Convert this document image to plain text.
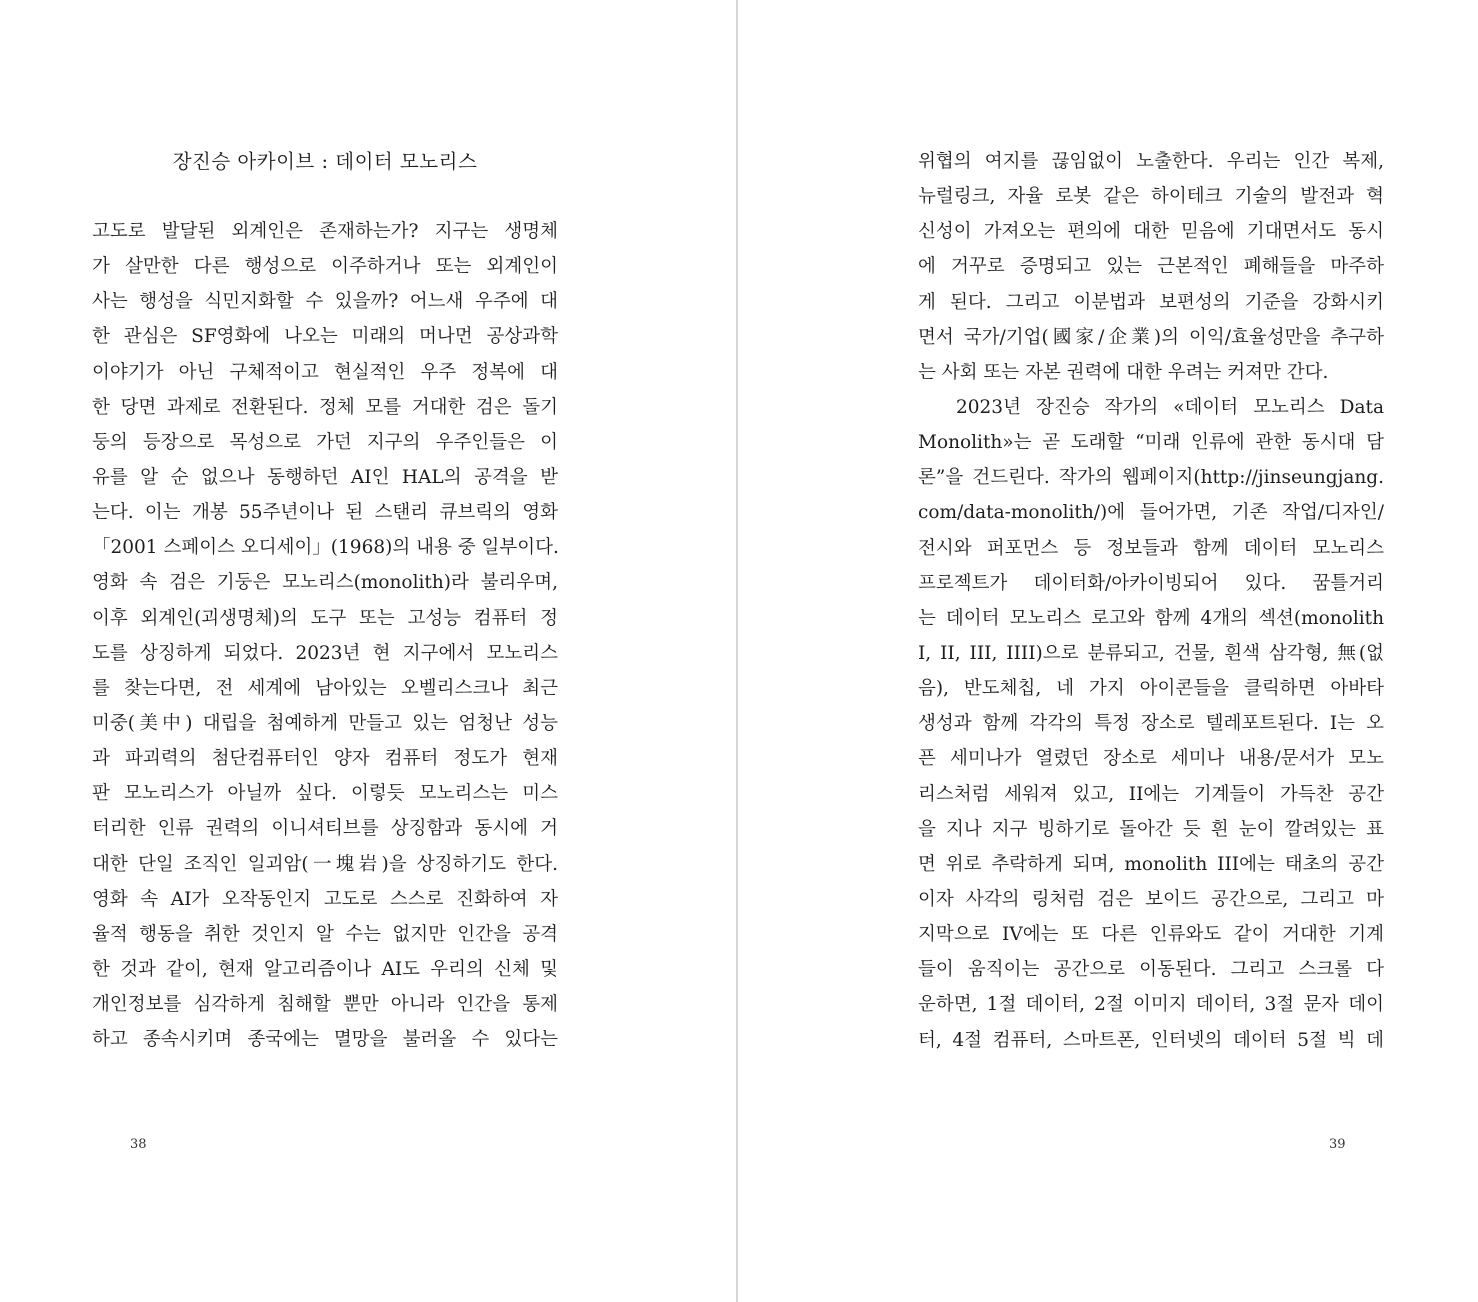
장진승 아카이브 : 데이터 모노리스
고도로 발달된 외계인은 존재하는가? 지구는 생명체
가 살만한 다른 행성으로 이주하거나 또는 외계인이
사는 행성을 식민지화할 수 있을까? 어느새 우주에 대
한 관심은 SF영화에 나오는 미래의 머나먼 공상과학
이야기가 아닌 구체적이고 현실적인 우주 정복에 대
한 당면 과제로 전환된다. 정체 모를 거대한 검은 돌기
둥의 등장으로 목성으로 가던 지구의 우주인들은 이
유를 알 순 없으나 동행하던 AI인 HAL의 공격을 받
는다. 이는 개봉 55주년이나 된 스탠리 큐브릭의 영화
「2001 스페이스 오디세이」(1968)의 내용 중 일부이다.
영화 속 검은 기둥은 모노리스(monolith)라 불리우며,
이후 외계인(괴생명체)의 도구 또는 고성능 컴퓨터 정
도를 상징하게 되었다. 2023년 현 지구에서 모노리스
를 찾는다면, 전 세계에 남아있는 오벨리스크나 최근
미중(美中) 대립을 첨예하게 만들고 있는 엄청난 성능
과 파괴력의 첨단컴퓨터인 양자 컴퓨터 정도가 현재
판 모노리스가 아닐까 싶다. 이렇듯 모노리스는 미스
터리한 인류 권력의 이니셔티브를 상징함과 동시에 거
대한 단일 조직인 일괴암(一塊岩)을 상징하기도 한다.
영화 속 AI가 오작동인지 고도로 스스로 진화하여 자
율적 행동을 취한 것인지 알 수는 없지만 인간을 공격
한 것과 같이, 현재 알고리즘이나 AI도 우리의 신체 및
개인정보를 심각하게 침해할 뿐만 아니라 인간을 통제
하고 종속시키며 종국에는 멸망을 불러올 수 있다는
위협의 여지를 끊임없이 노출한다. 우리는 인간 복제,
뉴럴링크, 자율 로봇 같은 하이테크 기술의 발전과 혁
신성이 가져오는 편의에 대한 믿음에 기대면서도 동시
에 거꾸로 증명되고 있는 근본적인 폐해들을 마주하
게 된다. 그리고 이분법과 보편성의 기준을 강화시키
면서 국가/기업(國家/企業)의 이익/효율성만을 추구하
는 사회 또는 자본 권력에 대한 우려는 커져만 간다.
2023년 장진승 작가의 «데이터 모노리스 Data
Monolith»는 곧 도래할 “미래 인류에 관한 동시대 담
론”을 건드린다. 작가의 웹페이지(http://jinseungjang.
com/data-monolith/)에 들어가면, 기존 작업/디자인/
전시와 퍼포먼스 등 정보들과 함께 데이터 모노리스
프로젝트가 데이터화/아카이빙되어 있다. 꿈틀거리
는 데이터 모노리스 로고와 함께 4개의 섹션(monolith
I, II, III, IIII)으로 분류되고, 건물, 흰색 삼각형, 無(없
음), 반도체칩, 네 가지 아이콘들을 클릭하면 아바타
생성과 함께 각각의 특정 장소로 텔레포트된다. I는 오
픈 세미나가 열렸던 장소로 세미나 내용/문서가 모노
리스처럼 세워져 있고, II에는 기계들이 가득찬 공간
을 지나 지구 빙하기로 돌아간 듯 흰 눈이 깔려있는 표
면 위로 추락하게 되며, monolith III에는 태초의 공간
이자 사각의 링처럼 검은 보이드 공간으로, 그리고 마
지막으로 IV에는 또 다른 인류와도 같이 거대한 기계
들이 움직이는 공간으로 이동된다. 그리고 스크롤 다
운하면, 1절 데이터, 2절 이미지 데이터, 3절 문자 데이
터, 4절 컴퓨터, 스마트폰, 인터넷의 데이터 5절 빅 데
38	39
